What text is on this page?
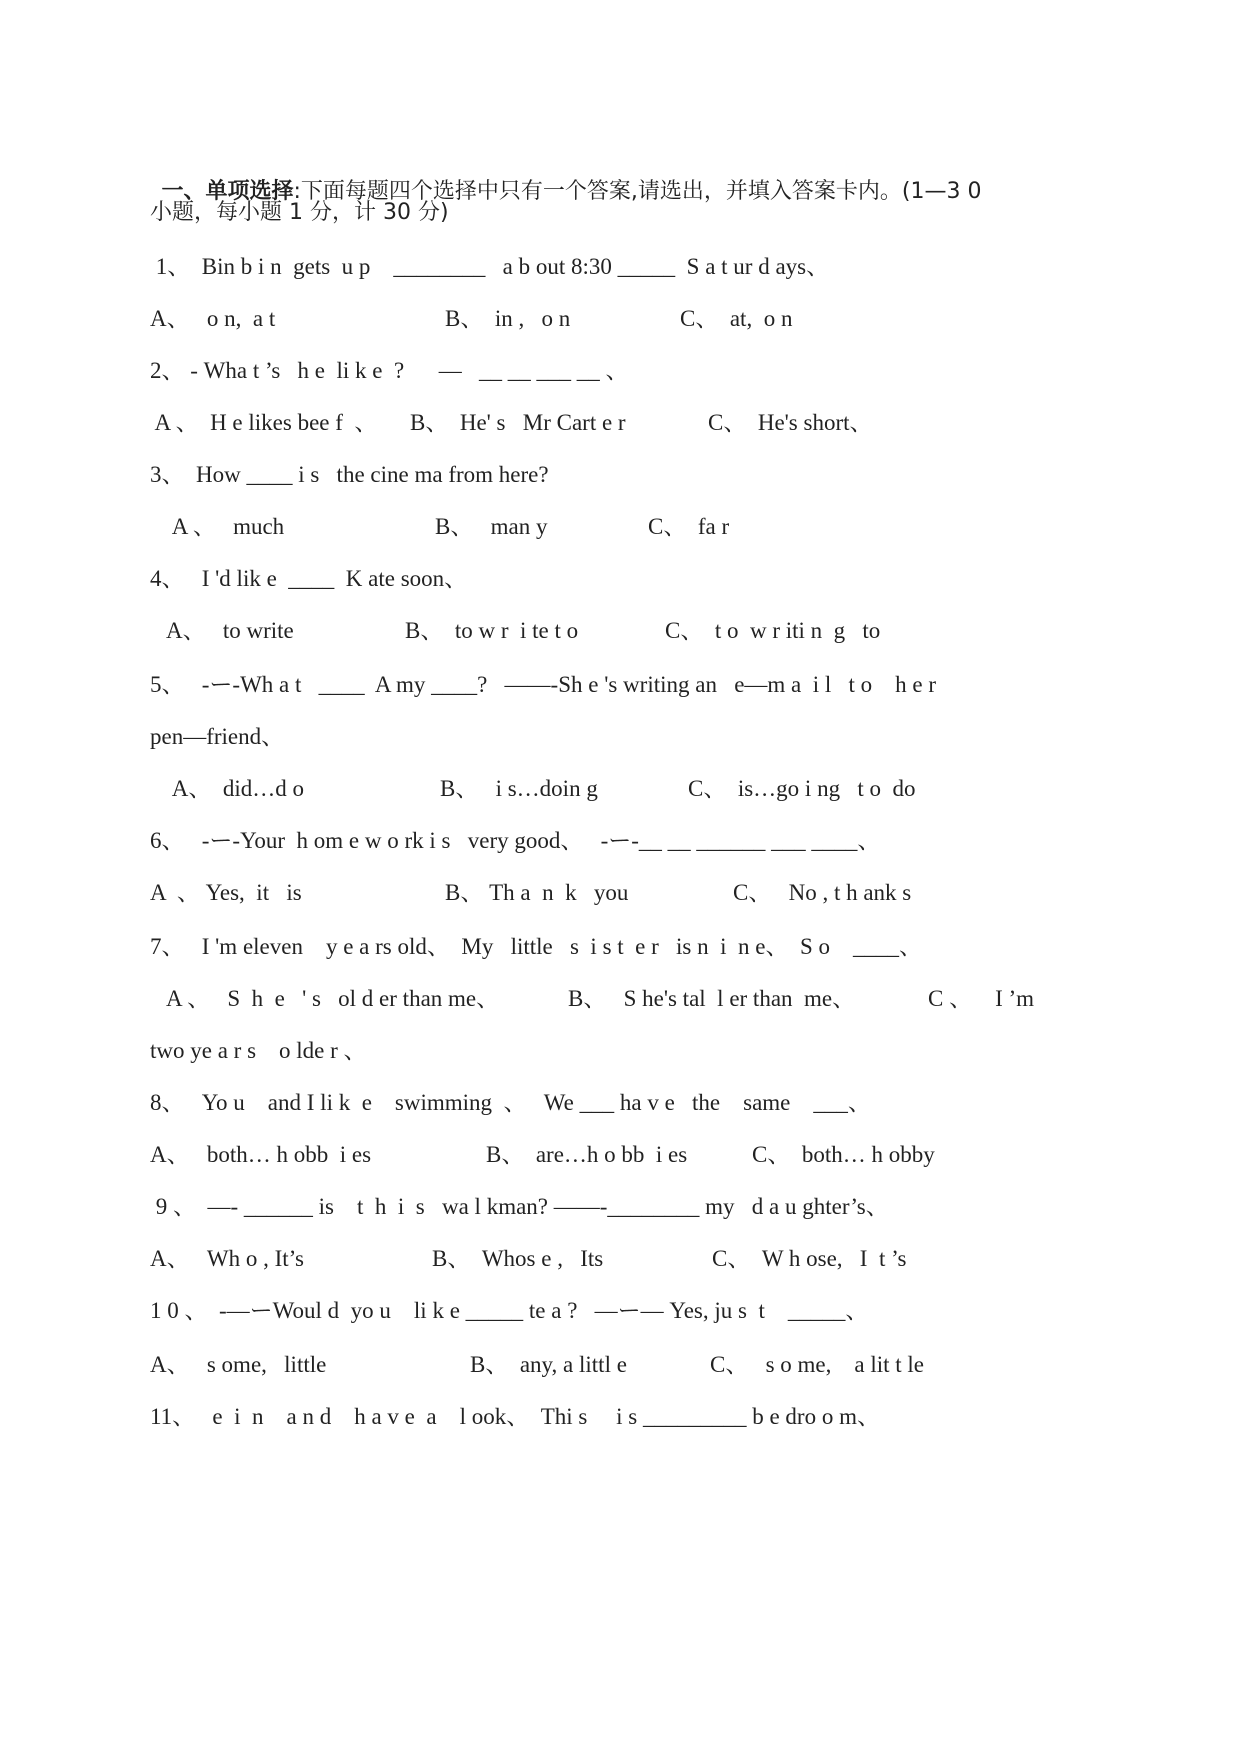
一、单项选择:下面每题四个选择中只有一个答案,请选出，并填入答案卡内。(1—3 0

小题，每小题 1 分，计 30 分)
1、  Bin b i n  gets  u p    ________   a b out 8:30 _____  S a t ur d ays、
A、   o n,  a t	B、  in ,   o n	C、  at,  o n
2、 - Wha t ’s   h e  li k e  ?      —   __ __ ___ __ 、
A 、  H e likes bee f  、 B、  He' s   Mr Cart e r	C、  He's short、
3、  How ____ i s   the cine ma from here?
A 、   much	B、   man y	C、  fa r
4、   I 'd lik e  ____  K ate soon、
A、   to write	B、  to w r  i te t o	C、  t o  w r iti n  g   to
5、   -ー-Wh a t   ____  A my ____?   ——-Sh e 's writing an   e—m a  i l   t o    h e r
pen—friend、
A、  did…d o	B、   i s…doin g	C、  is…go i ng   t o  do
6、   -ー-Your  h om e w o rk i s   very good、   -ー-__ __ ______ ___ ____、
A  、 Yes,  it   is	B、 Th a  n  k   you	C、   No , t h ank s
7、   I 'm eleven    y e a rs old、  My   little   s  i s t  e r   is n  i  n e、  S o    ____、
A 、   S  h  e   ' s   ol d er than me、	B、   S he's tal  l er than  me、	C 、    I ’m
two ye a r s    o lde r 、
8、   Yo u    and I li k  e    swimming  、   We ___ ha v e   the    same    ___、
A、   both… h obb  i es	B、  are…h o bb  i es	C、  both… h obby
9 、  —- ______ is    t  h  i  s   wa l kman? ——-________ my   d a u ghter’s、
A、   Wh o , It’s	B、  Whos e ,   Its	C、  W h ose,   I  t ’s
1 0 、  -—ーWoul d  yo u    li k e _____ te a ?   —ー— Yes, ju s  t    _____、
A、   s ome,   little	B、  any, a littl e	C、   s o me,    a lit t le
11、   e  i  n    a n d    h a v e  a    l ook、  Thi s     i s _________ b e dro o m、
